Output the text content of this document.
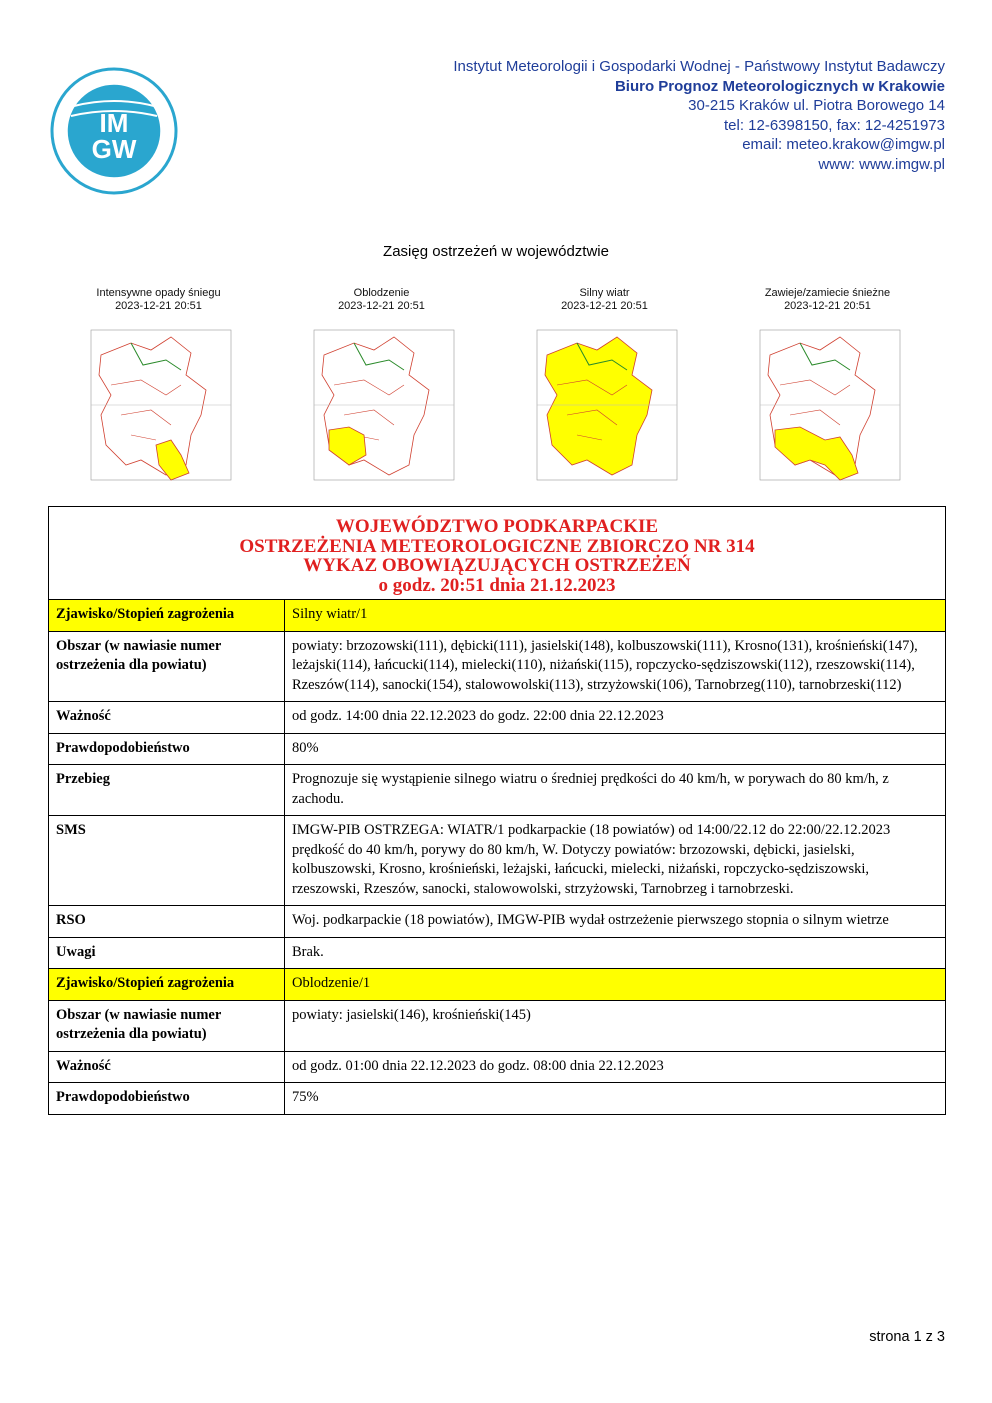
IM
GW
Instytut Meteorologii i Gospodarki Wodnej - Państwowy Instytut Badawczy
Biuro Prognoz Meteorologicznych w Krakowie
30-215 Kraków ul. Piotra Borowego 14
tel: 12-6398150, fax: 12-4251973
email: meteo.krakow@imgw.pl
www: www.imgw.pl
Zasięg ostrzeżeń w województwie
Intensywne opady śniegu
2023-12-21 20:51
Oblodzenie
2023-12-21 20:51
Silny wiatr
2023-12-21 20:51
Zawieje/zamiecie śnieżne
2023-12-21 20:51
WOJEWÓDZTWO PODKARPACKIE
OSTRZEŻENIA METEOROLOGICZNE ZBIORCZO NR 314
WYKAZ OBOWIĄZUJĄCYCH OSTRZEŻEŃ
o godz. 20:51 dnia 21.12.2023	

Zjawisko/Stopień zagrożenia	Silny wiatr/1
Obszar (w nawiasie numer ostrzeżenia dla powiatu)	powiaty: brzozowski(111), dębicki(111), jasielski(148), kolbuszowski(111), Krosno(131), krośnieński(147), leżajski(114), łańcucki(114), mielecki(110), niżański(115), ropczycko-sędziszowski(112), rzeszowski(114), Rzeszów(114), sanocki(154), stalowowolski(113), strzyżowski(106), Tarnobrzeg(110), tarnobrzeski(112)
Ważność	od godz. 14:00 dnia 22.12.2023 do godz. 22:00 dnia 22.12.2023
Prawdopodobieństwo	80%
Przebieg	Prognozuje się wystąpienie silnego wiatru o średniej prędkości do 40 km/h, w porywach do 80 km/h, z zachodu.
SMS	IMGW-PIB OSTRZEGA: WIATR/1 podkarpackie (18 powiatów) od 14:00/22.12 do 22:00/22.12.2023 prędkość do 40 km/h, porywy do 80 km/h, W. Dotyczy powiatów: brzozowski, dębicki, jasielski, kolbuszowski, Krosno, krośnieński, leżajski, łańcucki, mielecki, niżański, ropczycko-sędziszowski, rzeszowski, Rzeszów, sanocki, stalowowolski, strzyżowski, Tarnobrzeg i tarnobrzeski.
RSO	Woj. podkarpackie (18 powiatów), IMGW-PIB wydał ostrzeżenie pierwszego stopnia o silnym wietrze
Uwagi	Brak.
Zjawisko/Stopień zagrożenia	Oblodzenie/1
Obszar (w nawiasie numer ostrzeżenia dla powiatu)	powiaty: jasielski(146), krośnieński(145)
Ważność	od godz. 01:00 dnia 22.12.2023 do godz. 08:00 dnia 22.12.2023
Prawdopodobieństwo	75%
strona 1 z 3
